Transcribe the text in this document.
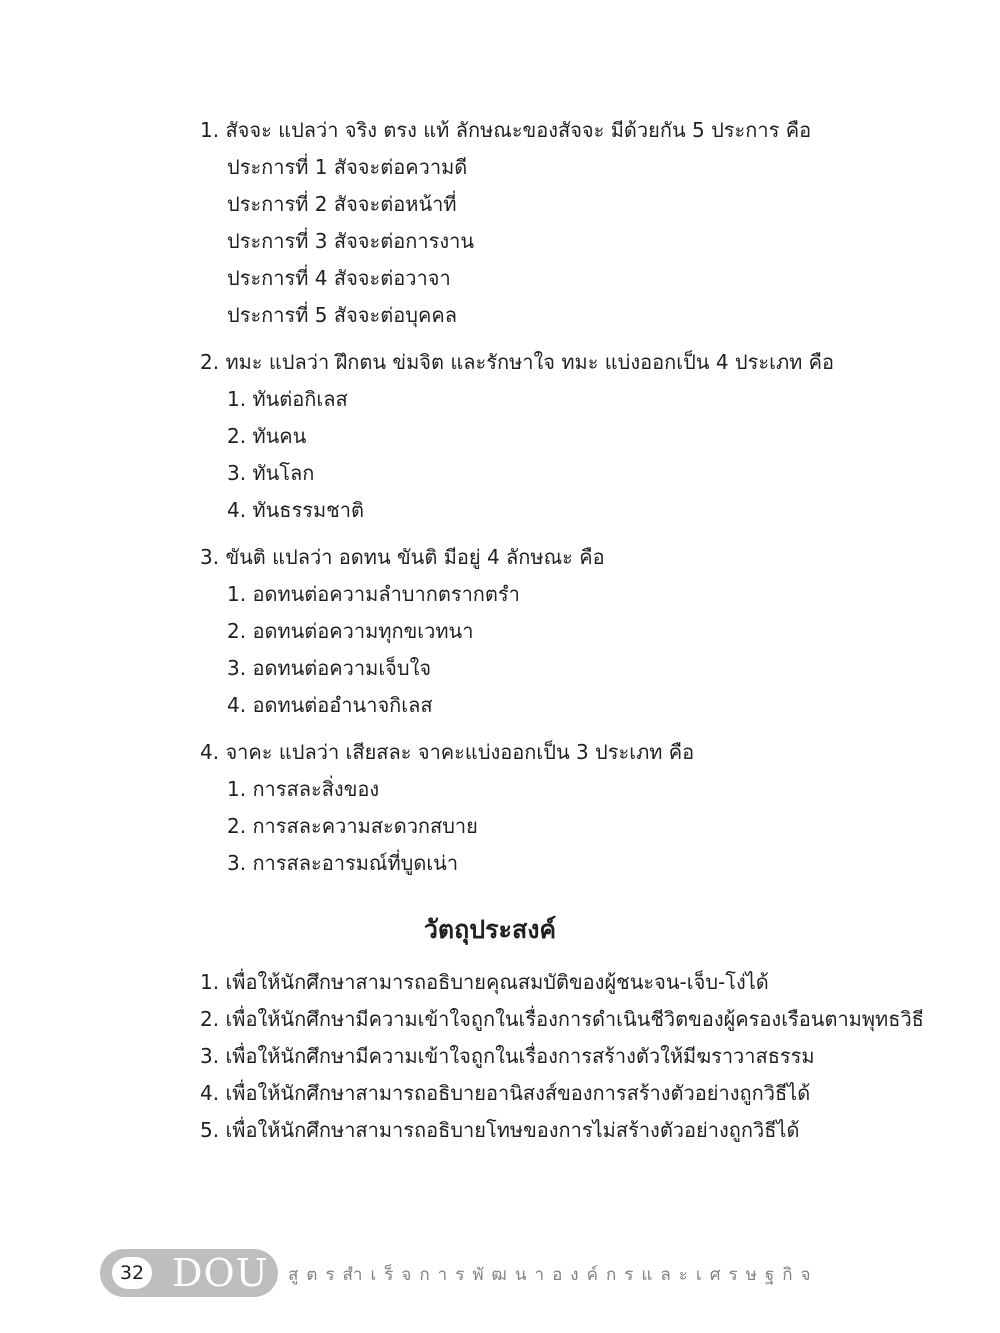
1. สัจจะ แปลว่า จริง ตรง แท้ ลักษณะของสัจจะ มีด้วยกัน 5 ประการ คือ
ประการที่ 1 สัจจะต่อความดี
ประการที่ 2 สัจจะต่อหน้าที่
ประการที่ 3 สัจจะต่อการงาน
ประการที่ 4 สัจจะต่อวาจา
ประการที่ 5 สัจจะต่อบุคคล
2. ทมะ แปลว่า ฝึกตน ข่มจิต และรักษาใจ ทมะ แบ่งออกเป็น 4 ประเภท คือ
1. ทันต่อกิเลส
2. ทันคน
3. ทันโลก
4. ทันธรรมชาติ
3. ขันติ แปลว่า อดทน ขันติ มีอยู่ 4 ลักษณะ คือ
1. อดทนต่อความลำบากตรากตรำ
2. อดทนต่อความทุกขเวทนา
3. อดทนต่อความเจ็บใจ
4. อดทนต่ออำนาจกิเลส
4. จาคะ แปลว่า เสียสละ จาคะแบ่งออกเป็น 3 ประเภท คือ
1. การสละสิ่งของ
2. การสละความสะดวกสบาย
3. การสละอารมณ์ที่บูดเน่า
วัตถุประสงค์
1. เพื่อให้นักศึกษาสามารถอธิบายคุณสมบัติของผู้ชนะจน-เจ็บ-โง่ได้
2. เพื่อให้นักศึกษามีความเข้าใจถูกในเรื่องการดำเนินชีวิตของผู้ครองเรือนตามพุทธวิธี
3. เพื่อให้นักศึกษามีความเข้าใจถูกในเรื่องการสร้างตัวให้มีฆราวาสธรรม
4. เพื่อให้นักศึกษาสามารถอธิบายอานิสงส์ของการสร้างตัวอย่างถูกวิธีได้
5. เพื่อให้นักศึกษาสามารถอธิบายโทษของการไม่สร้างตัวอย่างถูกวิธีได้
32 DOU สูตรสำเร็จการพัฒนาองค์กรและเศรษฐกิจ
